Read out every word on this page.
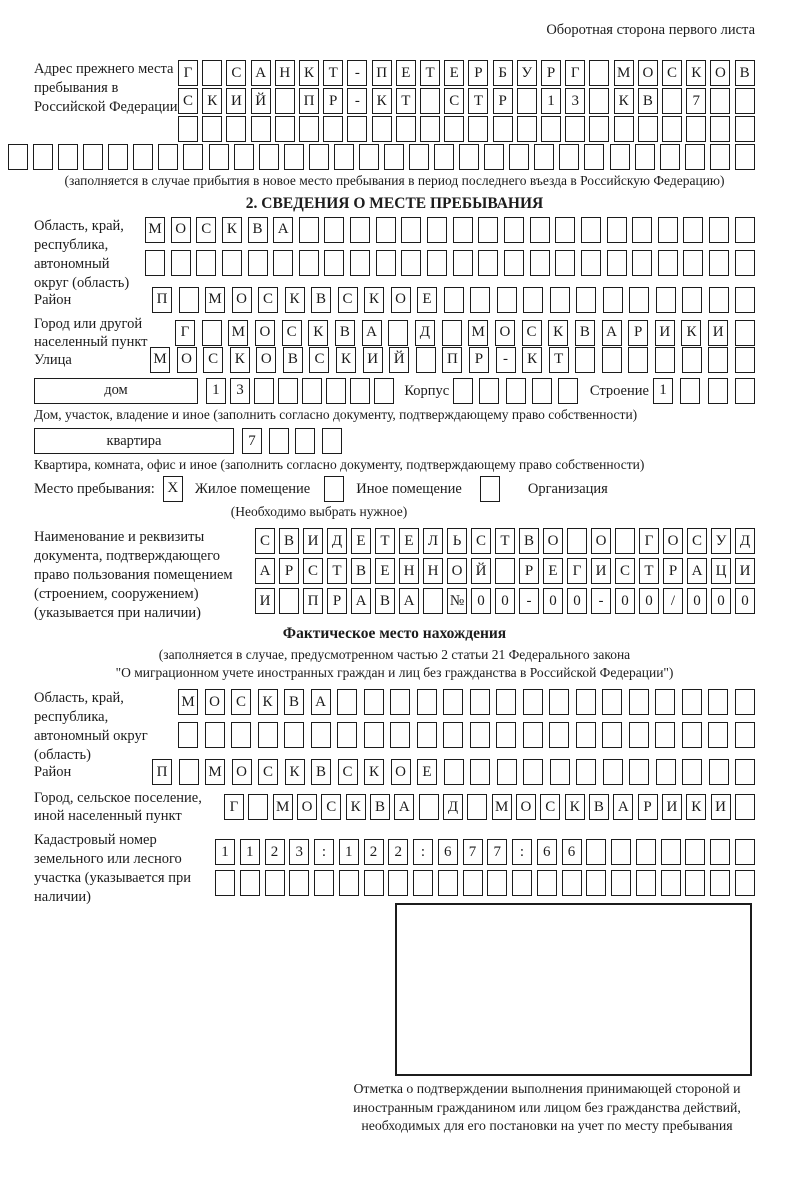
Оборотная сторона первого листа
Адрес прежнего места пребывания в Российской Федерации
Г	С А Н К Т	-	П Е	Т	Е	Р	Б У Р	Г	М О С К О В
С К И Й	П Р	-	К Т	С Т	Р	1	3	К В	7
(заполняется в случае прибытия в новое место пребывания в период последнего въезда в Российскую Федерацию)
2. СВЕДЕНИЯ О МЕСТЕ ПРЕБЫВАНИЯ
Область, край, республика, автономный округ (область)
М О	С	К	В	А
Район	П	М О	С	К	В	С	К	О	Е
Город или другой населенный пункт
Г	М О	С	К	В	А	Д	М О	С	К	В	А	Р	И	К	И
Улица	М О	С	К	О	В	С	К	И	Й	П	Р	-	К	Т
дом	1	3	Корпус	Строение 1
Дом, участок, владение и иное (заполнить согласно документу, подтверждающему право собственности)
квартира	7
Квартира, комната, офис и иное (заполнить согласно документу, подтверждающему право собственности)
Место пребывания: X	Жилое помещение	Иное помещение	Организация
(Необходимо выбрать нужное)
Наименование и реквизиты документа, подтверждающего право пользования помещением (строением, сооружением) (указывается при наличии)
С В И Д Е Т Е Л Ь С Т В О	О	Г О С У Д
А Р С Т В Е Н Н О Й	Р	Е	Г И С Т	Р А Ц И
И	П Р А В А	№ 0	0	-	0	0	-	0	0	/	0	0	0
Фактическое место нахождения
(заполняется в случае, предусмотренном частью 2 статьи 21 Федерального закона
"О миграционном учете иностранных граждан и лиц без гражданства в Российской Федерации")
Область, край, республика, автономный округ (область)
М О	С	К	В	А
Район	П	М О	С	К	В	С	К	О	Е
Город, сельское поселение, иной населенный пункт
Г	М О С К В А	Д	М О С К В А Р И К И
Кадастровый номер земельного или лесного участка (указывается при наличии)
1	1	2	3	:	1	2	2	:	6	7	7	:	6	6
Отметка о подтверждении выполнения принимающей стороной и иностранным гражданином или лицом без гражданства действий, необходимых для его постановки на учет по месту пребывания
